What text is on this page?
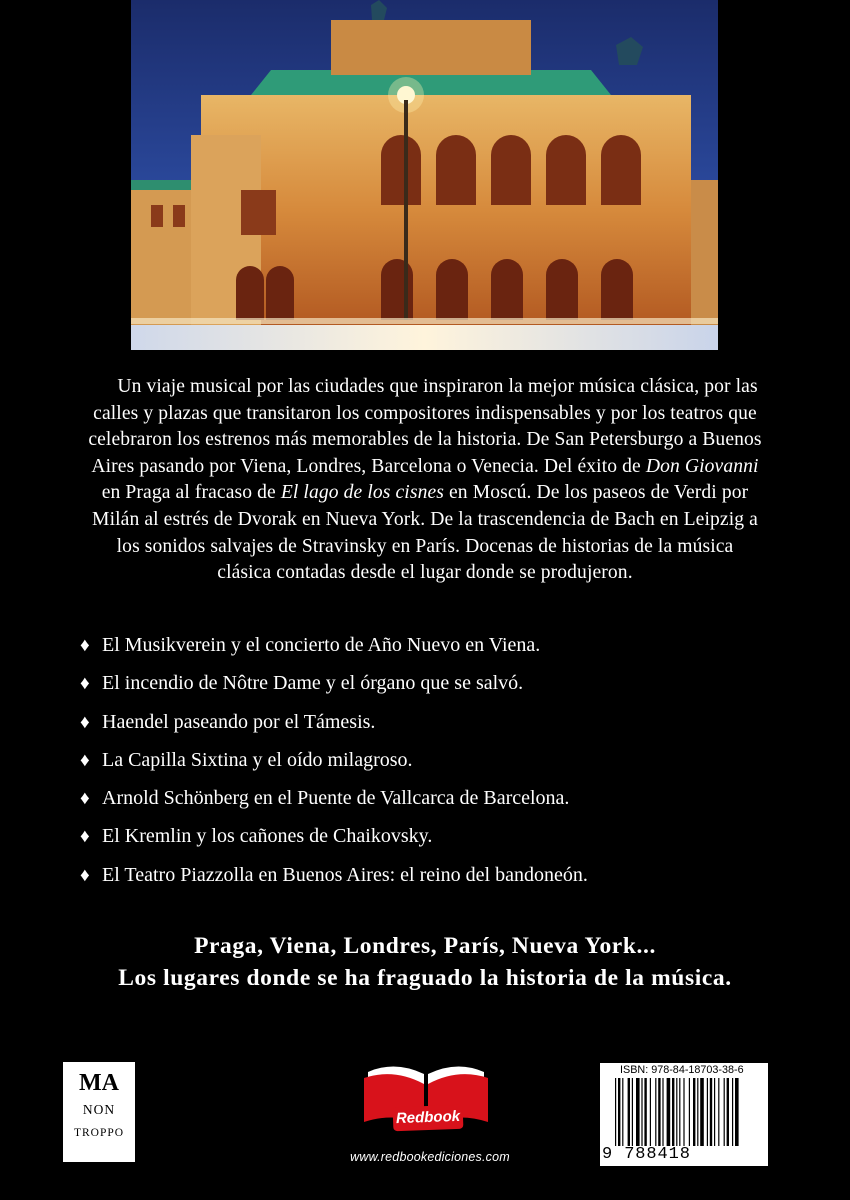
Un viaje musical por las ciudades que inspiraron la mejor música clásica, por las calles y plazas que transitaron los compositores indispensables y por los teatros que celebraron los estrenos más memorables de la historia. De San Petersburgo a Buenos Aires pasando por Viena, Londres, Barcelona o Venecia. Del éxito de Don Giovanni en Praga al fracaso de El lago de los cisnes en Moscú. De los paseos de Verdi por Milán al estrés de Dvorak en Nueva York. De la trascendencia de Bach en Leipzig a los sonidos salvajes de Stravinsky en París. Docenas de historias de la música clásica contadas desde el lugar donde se produjeron.
♦ El Musikverein y el concierto de Año Nuevo en Viena.
♦ El incendio de Nôtre Dame y el órgano que se salvó.
♦ Haendel paseando por el Támesis.
♦ La Capilla Sixtina y el oído milagroso.
♦ Arnold Schönberg en el Puente de Vallcarca de Barcelona.
♦ El Kremlin y los cañones de Chaikovsky.
♦ El Teatro Piazzolla en Buenos Aires: el reino del bandoneón.
Praga, Viena, Londres, París, Nueva York...
Los lugares donde se ha fraguado la historia de la música.
MA
NON
TROPPO
Redbook
www.redbookediciones.com
ISBN: 978-84-18703-38-6
9 788418 703386
